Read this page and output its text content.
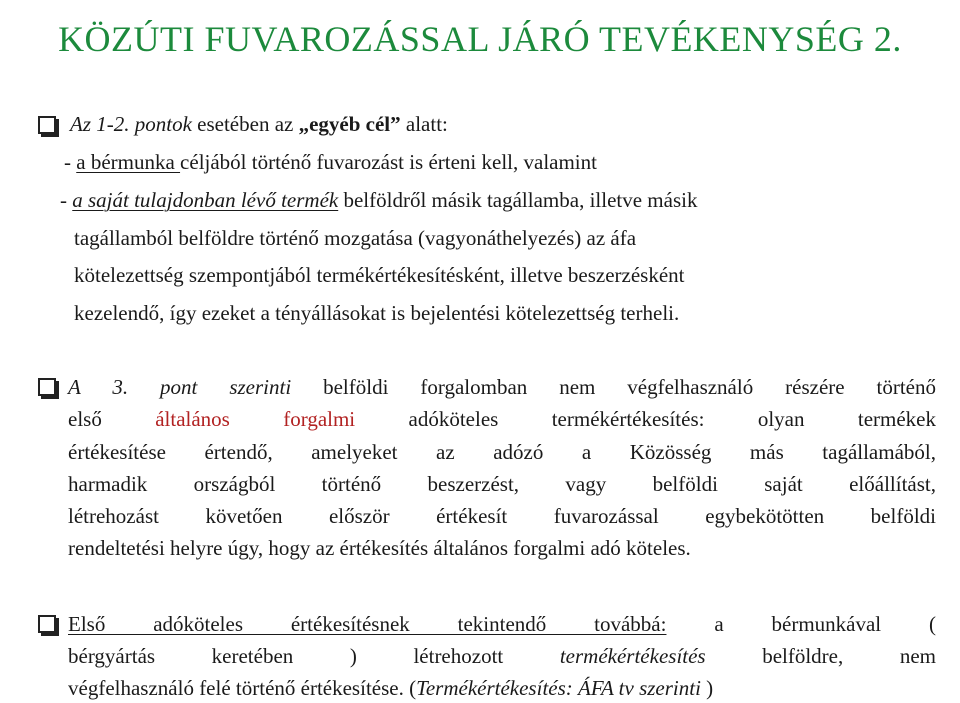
KÖZÚTI FUVAROZÁSSAL JÁRÓ TEVÉKENYSÉG 2.
Az 1-2. pontok esetében az „egyéb cél” alatt:
- a bérmunka céljából történő fuvarozást is érteni kell, valamint
- a saját tulajdonban lévő termék belföldről másik tagállamba, illetve másik
tagállamból belföldre történő mozgatása (vagyonáthelyezés) az áfa
kötelezettség szempontjából termékértékesítésként, illetve beszerzésként
kezelendő, így ezeket a tényállásokat is bejelentési kötelezettség terheli.
A 3. pont szerinti belföldi forgalomban nem végfelhasználó részére történő
első általános forgalmi adóköteles termékértékesítés: olyan termékek
értékesítése értendő, amelyeket az adózó a Közösség más tagállamából,
harmadik országból történő beszerzést, vagy belföldi saját előállítást,
létrehozást követően először értékesít fuvarozással egybekötötten belföldi
rendeltetési helyre úgy, hogy az értékesítés általános forgalmi adó köteles.
Első adóköteles értékesítésnek tekintendő továbbá: a bérmunkával (
bérgyártás keretében ) létrehozott termékértékesítés belföldre, nem
végfelhasználó felé történő értékesítése. (Termékértékesítés: ÁFA tv szerinti )
